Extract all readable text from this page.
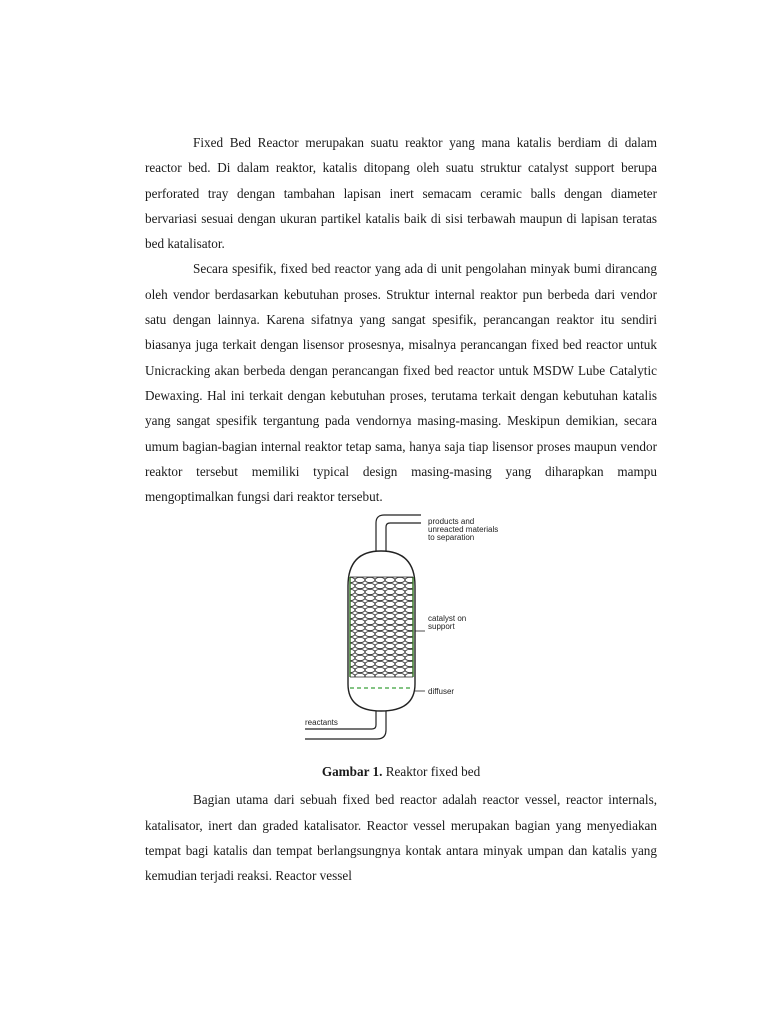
Fixed Bed Reactor merupakan suatu reaktor yang mana katalis berdiam di dalam reactor bed. Di dalam reaktor, katalis ditopang oleh suatu struktur catalyst support berupa perforated tray dengan tambahan lapisan inert semacam ceramic balls dengan diameter bervariasi sesuai dengan ukuran partikel katalis baik di sisi terbawah maupun di lapisan teratas bed katalisator.

Secara spesifik, fixed bed reactor yang ada di unit pengolahan minyak bumi dirancang oleh vendor berdasarkan kebutuhan proses. Struktur internal reaktor pun berbeda dari vendor satu dengan lainnya. Karena sifatnya yang sangat spesifik, perancangan reaktor itu sendiri biasanya juga terkait dengan lisensor prosesnya, misalnya perancangan fixed bed reactor untuk Unicracking akan berbeda dengan perancangan fixed bed reactor untuk MSDW Lube Catalytic Dewaxing. Hal ini terkait dengan kebutuhan proses, terutama terkait dengan kebutuhan katalis yang sangat spesifik tergantung pada vendornya masing-masing. Meskipun demikian, secara umum bagian-bagian internal reaktor tetap sama, hanya saja tiap lisensor proses maupun vendor reaktor tersebut memiliki typical design masing-masing yang diharapkan mampu mengoptimalkan fungsi dari reaktor tersebut.

products and
unreacted materials
to separation
catalyst on
support
diffuser
reactants

Gambar 1. Reaktor fixed bed

Bagian utama dari sebuah fixed bed reactor adalah reactor vessel, reactor internals, katalisator, inert dan graded katalisator. Reactor vessel merupakan bagian yang menyediakan tempat bagi katalis dan tempat berlangsungnya kontak antara minyak umpan dan katalis yang kemudian terjadi reaksi. Reactor vessel
